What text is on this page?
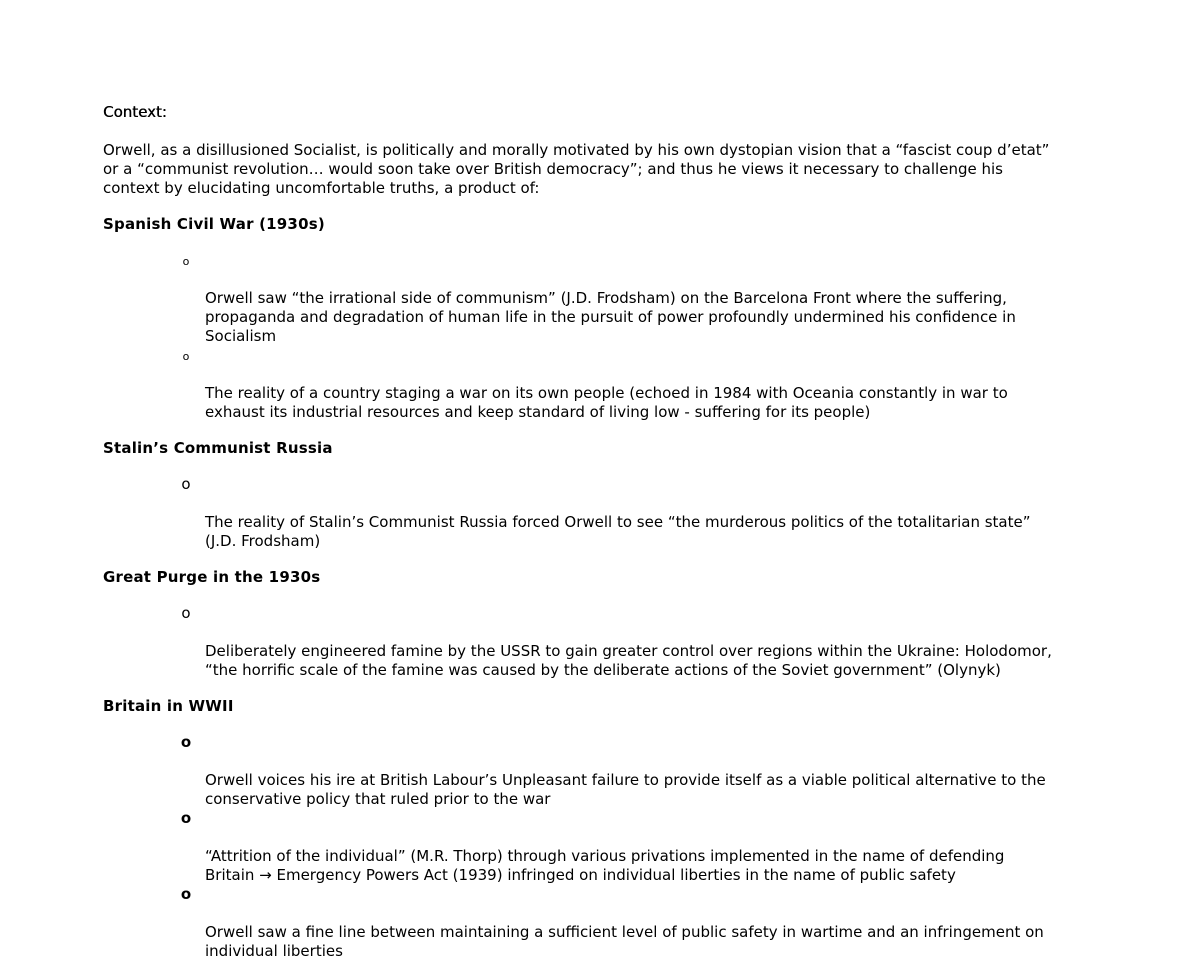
Context:

Orwell, as a disillusioned Socialist, is politically and morally motivated by his own dystopian vision that a “fascist coup d’etat”
or a “communist revolution… would soon take over British democracy”; and thus he views it necessary to challenge his
context by elucidating uncomfortable truths, a product of:

Spanish Civil War (1930s)

o

Orwell saw “the irrational side of communism” (J.D. Frodsham) on the Barcelona Front where the suffering,
propaganda and degradation of human life in the pursuit of power profoundly undermined his confidence in
Socialism

o

The reality of a country staging a war on its own people (echoed in 1984 with Oceania constantly in war to
exhaust its industrial resources and keep standard of living low - suffering for its people)

Stalin’s Communist Russia

o

The reality of Stalin’s Communist Russia forced Orwell to see “the murderous politics of the totalitarian state”
(J.D. Frodsham)

Great Purge in the 1930s

o

Deliberately engineered famine by the USSR to gain greater control over regions within the Ukraine: Holodomor,
“the horrific scale of the famine was caused by the deliberate actions of the Soviet government” (Olynyk)

Britain in WWII

o

Orwell voices his ire at British Labour’s Unpleasant failure to provide itself as a viable political alternative to the
conservative policy that ruled prior to the war

o

“Attrition of the individual” (M.R. Thorp) through various privations implemented in the name of defending
Britain → Emergency Powers Act (1939) infringed on individual liberties in the name of public safety

o

Orwell saw a fine line between maintaining a sufficient level of public safety in wartime and an infringement on
individual liberties
